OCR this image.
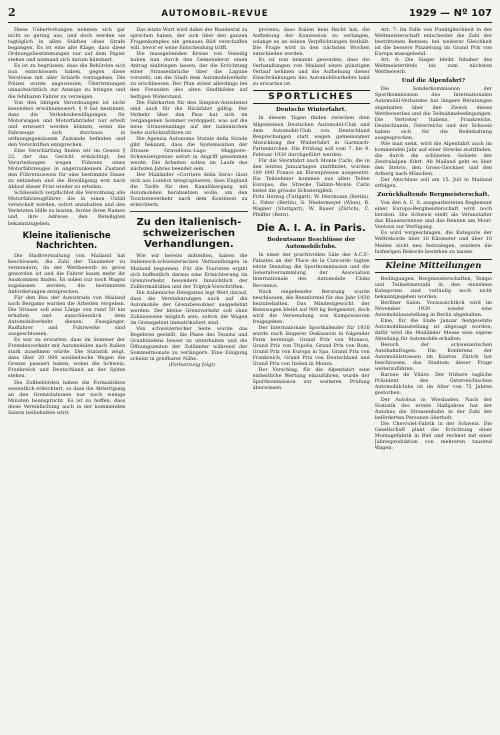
2	AUTOMOBIL-REVUE	1929 — Nº 107

Diese Uebertretungen nehmen sich gar nicht so gering aus, und doch werden sie tagtäglich in allen Städten ohne Strafe begangen. Es ist eine alte Klage, dass diese Ordnungsbestimmungen nur auf dem Papier stehen und niemand sich darum kümmert.

Es ist zu begrüssen, dass die Behörden sich nun entschlossen haben, gegen diese Verstösse mit aller Schärfe vorzugehen. Die Polizei wurde angewiesen, Übertretungen unnachsichtlich zur Anzeige zu bringen und die fehlbaren Fahrer zu verzeigen.

Von den übrigen Verordnungen ist nicht besonders erwähnenswert. § 9 hat bestimmt, dass die Verkehrsbewilligungen für Motorwagen und Motorfahrräder nur erteilt und erneuert werden können, wenn die Fahrzeuge sich durchaus in ordnungsgemässem Zustande befinden und den Vorschriften entsprechen.

Eine Verschärfung finden wir im Gesetz § 22, der das Gericht ermächtigt, bei Verurteilungen wegen Führens eines Motorfahrzeuges in angetrunkenem Zustand den Führerausweis für eine bestimmte Dauer zu entziehen und die Bewilligung erst nach Ablauf dieser Frist wieder zu erteilen.

Schliesslich verpflichtet die Verordnung alle Motorfahrzeugführer, die in einen Unfall verwickelt werden, sofort anzuhalten und den Verletzten Hilfe zu leisten, ferner ihren Namen und ihre Adresse den Beteiligten bekanntzugeben.

Kleine italienische Nachrichten.

Die Stadtverwaltung von Mailand hat beschlossen, die Zahl der Taxameter zu vermindern, da der Wettbewerb zu gross geworden ist und die Fahrer kaum mehr ihr Auskommen finden. Es sollen nur noch Wagen zugelassen werden, die bestimmten Anforderungen entsprechen.

Für den Bau der Autostrada von Mailand nach Bergamo wurden die Arbeiten vergeben. Die Strasse soll eine Länge von rund 50 km erhalten und ausschliesslich dem Automobilverkehr dienen; Fussgänger, Radfahrer und Fuhrwerke sind ausgeschlossen.

Es war zu erwarten, dass im Sommer der Fremdenverkehr mit Automobilen nach Italien stark zunehmen würde. Die Statistik zeigt, dass über 20 000 ausländische Wagen die Grenze passiert haben, wobei die Schweiz, Frankreich und Deutschland an der Spitze stehen.

Die Zollbehörden haben die Formalitäten wesentlich erleichtert, so dass die Abfertigung an den Grenzstationen nur noch wenige Minuten beansprucht. Es ist zu hoffen, dass diese Vereinfachung auch in der kommenden Saison beibehalten wird.

Das letzte Wort wird dabei der Bundesrat zu sprechen haben, der sich über den ganzen Fragenkomplex ein genaues Bild verschaffen will, bevor er seine Entscheidung trifft.

Die massgebenden Kreise von Venedig haben nun durch den Gemeinderat einen Antrag einbringen lassen, der die Errichtung einer Strassenbrücke über die Lagune vorsieht, um die Stadt dem Automobilverkehr zu erschliessen. Der Plan stösst allerdings bei den Freunden des alten Stadtbildes auf heftigen Widerstand.

Die Fahrkarten für den Simplon-Autodienst sind auch für die Rückfahrt gültig. Der Verkehr über den Pass hat sich im vergangenen Sommer verdoppelt, was auf die neue Strassenanlage auf der italienischen Seite zurückzuführen ist.

Die Agenzia Autonoma Statale della Strade gibt bekannt, dass die Systemisation der Strasse Gravellona–Lago Maggiore–Schweizergrenze sofort in Angriff genommen werde. Die Arbeiten sollen im Laufe des nächsten Jahres beendet sein.

Der Mailänder «Corriere della Sera» lässt sich aus London telegraphieren, dass England die Tarife für den Kanalübergang mit Automobilen herabsetzen wolle, um den Touristenverkehr nach dem Kontinent zu erleichtern.

Zu den italienisch-schweizerischen Verhandlungen.

Wie wir bereits mitteilten, haben die italienisch-schweizerischen Verhandlungen in Mailand begonnen. Für die Touristen ergibt sich hoffentlich daraus eine Erleichterung im Grenzverkehr, besonders hinsichtlich der Zollformalitäten und der Triptyk-Vorschriften.

Die italienische Delegation legt Wert darauf, dass die Vereinbarungen auch auf die Automobile der Grenzbewohner ausgedehnt werden. Der kleine Grenzverkehr soll ohne Zollausweise möglich sein, sofern die Wagen im Grenzgebiet immatrikuliert sind.

Von schweizerischer Seite wurde das Begehren gestellt, die Pässe des Tessins und Graubündens besser zu unterhalten und die Öffnungszeiten der Zollämter während der Sommermonate zu verlängern. Eine Einigung scheint in greifbarer Nähe.

(Fortsetzung folgt)

provenu, dass Italien kein Recht hat, die Aufhebung der Konzession zu verlangen, solange es an seinen Verpflichtungen festhält. Die Frage wird in den nächsten Wochen entschieden werden.

Es ist nun bekannt geworden, dass die Verhandlungen von Mailand einen günstigen Verlauf nehmen und die Aufhebung dieser Einschränkungen des Automobilverkehrs bald zu erwarten ist.

SPORTLICHES
Deutsche Winterfahrt.

In diesem Tagen finden zwischen dem Allgemeinen Deutschen Automobil-Club und dem Automobil-Club von Deutschland Besprechungen statt wegen gemeinsamer Abwicklung der Winterfahrt in Garmisch-Partenkirchen. Die Prüfung soll vom 7. bis 9. Februar 1930 durchgeführt werden.

Für die Sternfahrt nach Monte Carlo, die in den letzten Januartagen stattfindet, wurden 100 000 Francs an Ehrenpreisen ausgesetzt. Die Teilnehmer kommen aus allen Teilen Europas; die Strecke Tallinn–Monte Carlo bietet die grösste Schwierigkeit.

Fritz Herzog (Tuttgart), W. Herrmann (Berlin), L. Faber (Berlin), G. Niedermeyer (Wien), R. Wagner (Stuttgart), W. Bauer (Zürich), C. Pfeiffer (Bern).

Die A. I. A. in Paris.
Bedeutsame Beschlüsse der Automobilclubs.

In einer der prachtvollen Säle des A.C.F.-Palastes an der Place de la Concorde tagten letzte Dienstag die Sportkommission und die Generalversammlung der Association Internationale des Automobile Clubs Reconnus.

Nach eingehender Beratung wurde beschlossen, die Rennformel für das Jahr 1930 beizubehalten. Das Mindestgewicht der Rennwagen bleibt auf 900 kg festgesetzt, doch wird die Verwendung von Kompressoren freigegeben.

Der Internationale Sportkalender für 1930 wurde nach längerer Diskussion in folgender Form bereinigt: Grand Prix von Monaco, Grand Prix von Tripolis, Grand Prix von Rom, Grand Prix von Europa in Spa, Grand Prix von Frankreich, Grand Prix von Deutschland und Grand Prix von Italien in Monza.

Der Vorschlag, für die Alpenfahrt eine einheitliche Wertung einzuführen, wurde der Sportkommission zur weiteren Prüfung überwiesen.

Art. 7: Im Falle von Punktgleichheit in der Weltmeisterschaft entscheidet die Zahl der bestrittenen Rennen; bei weiterer Gleichheit ist die bessere Plazierung im Grand Prix von Europa massgebend.

Art. 8: Die Sieger bleibt Inhaber des Weltmeistertitels bis zum nächsten Wettbewerb.

Und die Alpenfahrt?

Die Sonderkommission der Sportkommission des Internationalen Automobil-Verbandes hat längere Beratungen abgehalten über den Zweck dieses Wettbewerbes und die Teilnahmebedingungen. Die Vertreter Italiens, Frankreichs, Deutschlands, Österreichs und der Schweiz haben sich für die Beibehaltung ausgesprochen.

Wie man sieht, wird die Alpenfahrt auch im kommenden Jahr auf einer Strecke stattfinden, die durch die schönsten Gebiete der Zentralalpen führt. Ab Mailand geht es über den Stelvio, den Gross-Glockner und den Arlberg nach München.

Der Abschluss soll am 15. Juli in Mailand erfolgen.

Zurückhaltende Bergmeisterschaft.

Von den A. C. S. ausgearbeiteten Reglement einer Europa-Bergmeisterschaft wird noch beraten. Die Schweiz stellt als Veranstalter das Klausenrennen und das Rennen am Mont-Ventoux zur Verfügung.

Es wird vorgeschlagen, die Kategorie der Weltrekorde über 10 Kilometer und über 10 Meilen nicht neu festzulegen, sondern die bisherigen Rekorde bestehen zu lassen.

Kleine Mitteilungen

Bedingungen, Bergmeisterschaften, Tempo und Teilnehmerzahl in den einzelnen Kategorien sind vorläufig noch nicht bekanntgegeben worden.

Berliner Salon. Voraussichtlich wird im November 1930 wieder eine Automobilausstellung in Berlin abgehalten.

Eine, für die Ende Januar festgesetzte Automobilausstellung ist abgesagt worden; dafür wird die Mailänder Messe eine eigene Abteilung für Automobile erhalten.

Besuch der schweizerischen Autobahnfragen. Die Konferenz der Automobilstrassen im Kanton Zürich hat beschlossen, das Studium dieser Frage weiterzuführen.

Barone de Vitäre. Der frühere tagliche Präsident des Österreichischen Automobilclubs ist im Alter von 72 Jahren gestorben.

Der Autobus in Wiesbaden. Nach der Statistik des ersten Halbjahres hat der Autobus die Strassenbahn in der Zahl der beförderten Personen überholt.

Die Chevrolet-Fabrik in der Schweiz. Die Gesellschaft plant die Errichtung einer Montagefabrik in Biel und rechnet mit einer Jahresproduktion von mehreren tausend Wagen.
